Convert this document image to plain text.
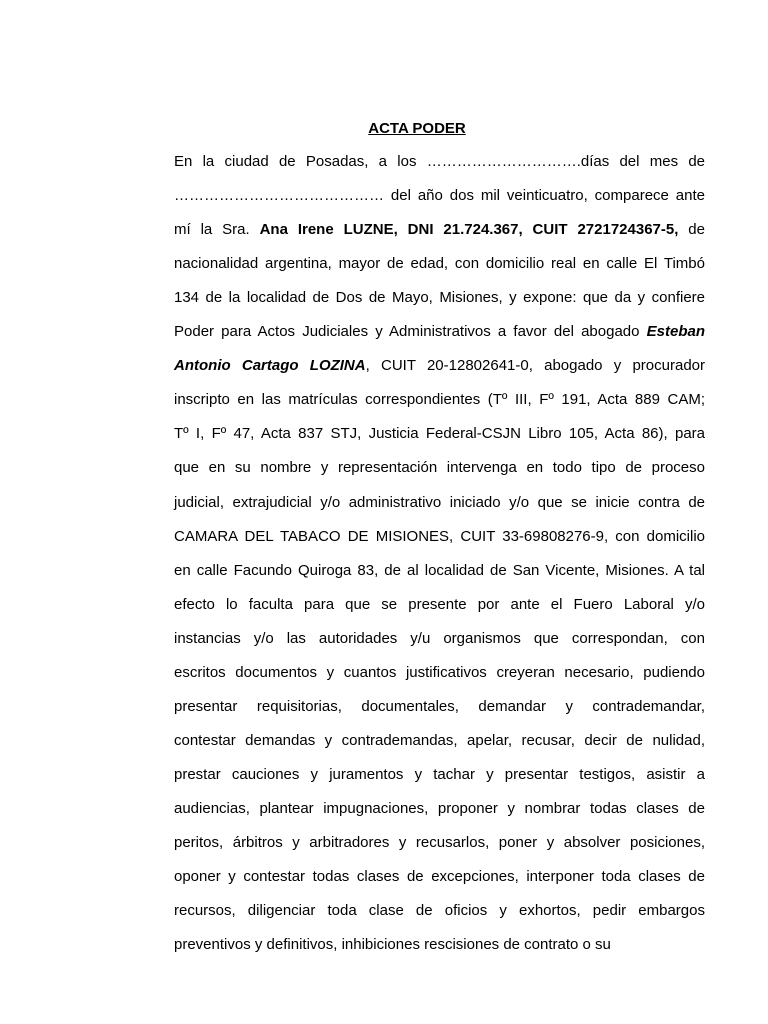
ACTA PODER
En la ciudad de Posadas, a los ………………………….días del mes de
…………………………………… del año dos mil veinticuatro, comparece ante
mí la Sra. Ana Irene LUZNE, DNI 21.724.367, CUIT 2721724367-5, de
nacionalidad argentina, mayor de edad, con domicilio real en calle El Timbó
134 de la localidad de Dos de Mayo, Misiones, y expone: que da y confiere
Poder para Actos Judiciales y Administrativos a favor del abogado Esteban
Antonio Cartago LOZINA, CUIT 20-12802641-0, abogado y procurador
inscripto en las matrículas correspondientes (Tº III, Fº 191, Acta 889 CAM;
Tº I, Fº 47, Acta 837 STJ, Justicia Federal-CSJN Libro 105, Acta 86), para
que en su nombre y representación intervenga en todo tipo de proceso
judicial, extrajudicial y/o administrativo iniciado y/o que se inicie contra de
CAMARA DEL TABACO DE MISIONES, CUIT 33-69808276-9, con domicilio
en calle Facundo Quiroga 83, de al localidad de San Vicente, Misiones. A tal
efecto lo faculta para que se presente por ante el Fuero Laboral y/o
instancias y/o las autoridades y/u organismos que correspondan, con
escritos documentos y cuantos justificativos creyeran necesario, pudiendo
presentar requisitorias, documentales, demandar y contrademandar,
contestar demandas y contrademandas, apelar, recusar, decir de nulidad,
prestar cauciones y juramentos y tachar y presentar testigos, asistir a
audiencias, plantear impugnaciones, proponer y nombrar todas clases de
peritos, árbitros y arbitradores y recusarlos, poner y absolver posiciones,
oponer y contestar todas clases de excepciones, interponer toda clases de
recursos, diligenciar toda clase de oficios y exhortos, pedir embargos
preventivos y definitivos, inhibiciones rescisiones de contrato o su
